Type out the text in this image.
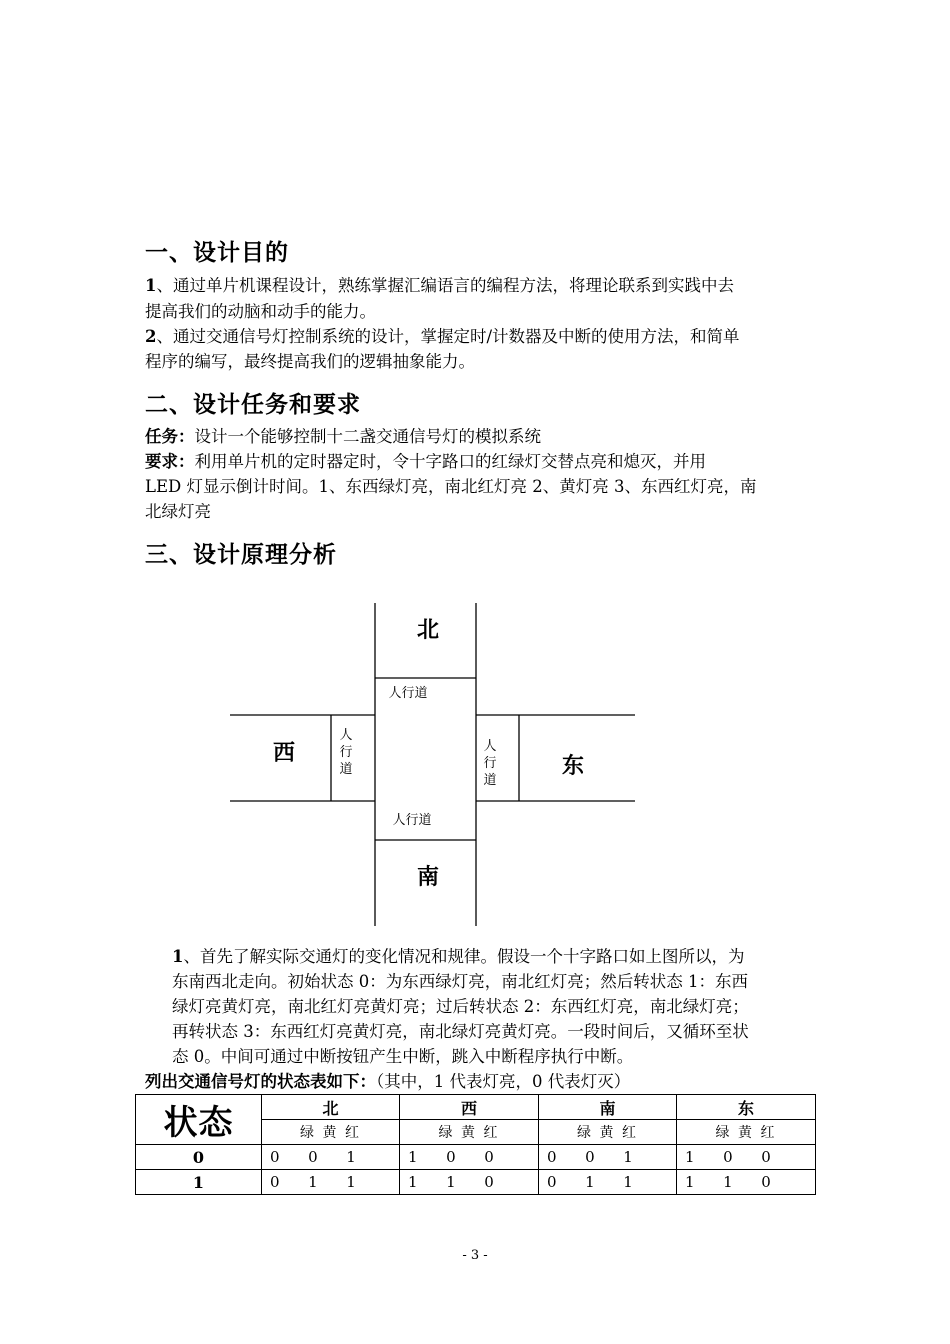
一、设计目的
1、通过单片机课程设计，熟练掌握汇编语言的编程方法，将理论联系到实践中去
提高我们的动脑和动手的能力。
2、通过交通信号灯控制系统的设计，掌握定时/计数器及中断的使用方法，和简单
程序的编写，最终提高我们的逻辑抽象能力。
二、设计任务和要求
任务：设计一个能够控制十二盏交通信号灯的模拟系统
要求：利用单片机的定时器定时，令十字路口的红绿灯交替点亮和熄灭，并用
LED 灯显示倒计时间。1、东西绿灯亮，南北红灯亮 2、黄灯亮 3、东西红灯亮，南
北绿灯亮
三、设计原理分析
北
人行道
西
人
行
道
人
行
道
东
人行道
南
1、首先了解实际交通灯的变化情况和规律。假设一个十字路口如上图所以，为
东南西北走向。初始状态 0：为东西绿灯亮，南北红灯亮；然后转状态 1：东西
绿灯亮黄灯亮，南北红灯亮黄灯亮；过后转状态 2：东西红灯亮，南北绿灯亮；
再转状态 3：东西红灯亮黄灯亮，南北绿灯亮黄灯亮。一段时间后，又循环至状
态 0。中间可通过中断按钮产生中断，跳入中断程序执行中断。
列出交通信号灯的状态表如下：（其中，1 代表灯亮，0 代表灯灭）
状态	北	西	南	东
	绿 黄 红	绿 黄 红	绿 黄 红	绿 黄 红
0	0      0      1	1      0      0	0      0      1	1      0      0
1	0      1      1	1      1      0	0      1      1	1      1      0
- 3 -
